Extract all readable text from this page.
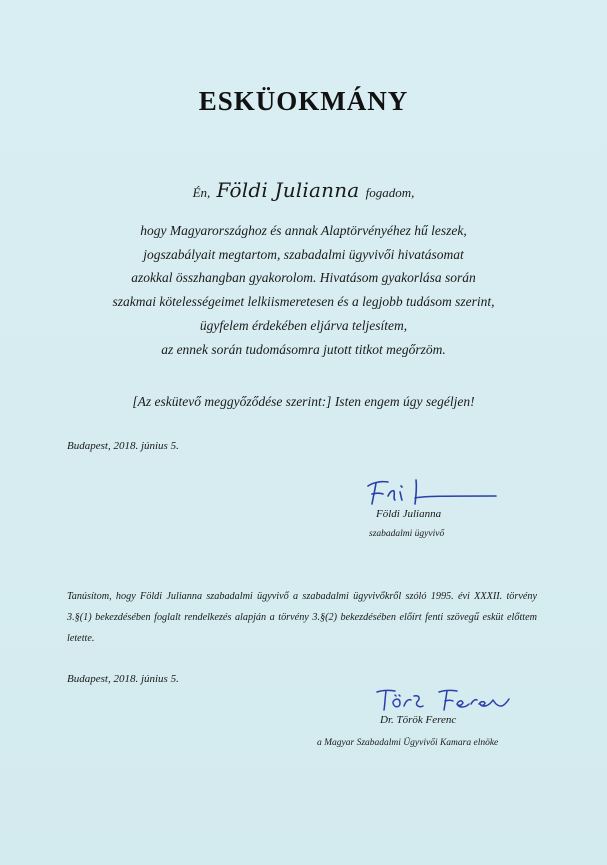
ESKÜOKMÁNY
Én, Földi Julianna fogadom,
hogy Magyarországhoz és annak Alaptörvényéhez hű leszek,
jogszabályait megtartom, szabadalmi ügyvivői hivatásomat
azokkal összhangban gyakorolom. Hivatásom gyakorlása során
szakmai kötelességeimet lelkiismeretesen és a legjobb tudásom szerint,
ügyfelem érdekében eljárva teljesítem,
az ennek során tudomásomra jutott titkot megőrzöm.
[Az eskütevő meggyőződése szerint:] Isten engem úgy segéljen!
Budapest, 2018. június 5.
Földi Julianna
szabadalmi ügyvivő
Tanúsítom, hogy Földi Julianna szabadalmi ügyvivő a szabadalmi ügyvivőkről szóló 1995. évi XXXII. törvény 3.§(1) bekezdésében foglalt rendelkezés alapján a törvény 3.§(2) bekezdésében előírt fenti szövegű esküt előttem letette.
Budapest, 2018. június 5.
Dr. Török Ferenc
a Magyar Szabadalmi Ügyvivői Kamara elnöke
